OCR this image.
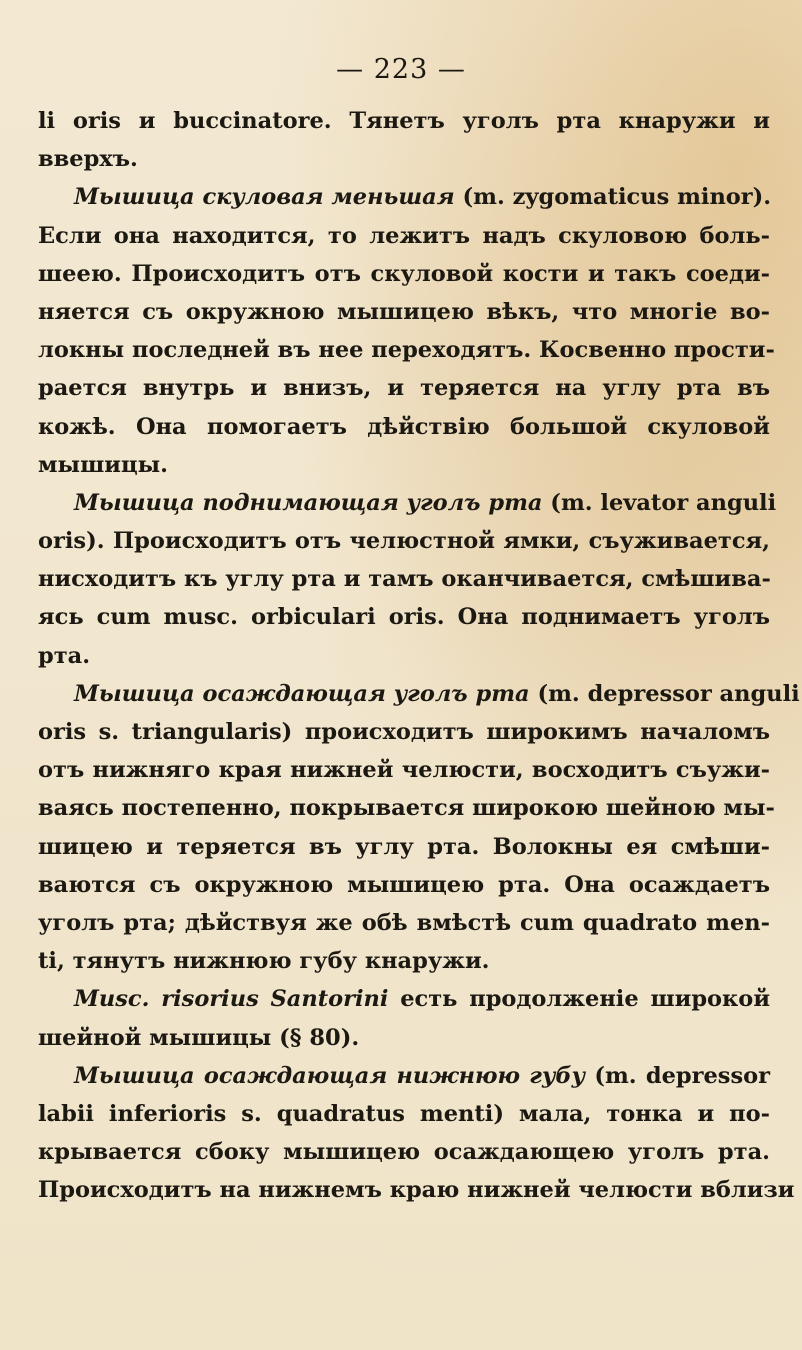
— 223 —
li oris и buccinatore. Тянетъ уголъ рта кнаружи и
вверхъ.
Мышица скуловая меньшая (m. zygomaticus minor).
Если она находится, то лежитъ надъ скуловою боль-
шеею. Происходитъ отъ скуловой кости и такъ соеди-
няется съ окружною мышицею вѣкъ, что многіе во-
локны последней въ нее переходятъ. Косвенно прости-
рается внутрь и внизъ, и теряется на углу рта въ
кожѣ. Она помогаетъ дѣйствію большой скуловой
мышицы.
Мышица поднимающая уголъ рта (m. levator anguli
oris). Происходитъ отъ челюстной ямки, съуживается,
нисходитъ къ углу рта и тамъ оканчивается, смѣшива-
ясь cum musc. orbiculari oris. Она поднимаетъ уголъ
рта.
Мышица осаждающая уголъ рта (m. depressor anguli
oris s. triangularis) происходитъ широкимъ началомъ
отъ нижняго края нижней челюсти, восходитъ съужи-
ваясь постепенно, покрывается широкою шейною мы-
шицею и теряется въ углу рта. Волокны ея смѣши-
ваются съ окружною мышицею рта. Она осаждаетъ
уголъ рта; дѣйствуя же обѣ вмѣстѣ cum quadrato men-
ti, тянутъ нижнюю губу кнаружи.
Musc. risorius Santorini есть продолженіе широкой
шейной мышицы (§ 80).
Мышица осаждающая нижнюю губу (m. depressor
labii inferioris s. quadratus menti) мала, тонка и по-
крывается сбоку мышицею осаждающею уголъ рта.
Происходитъ на нижнемъ краю нижней челюсти вблизи
